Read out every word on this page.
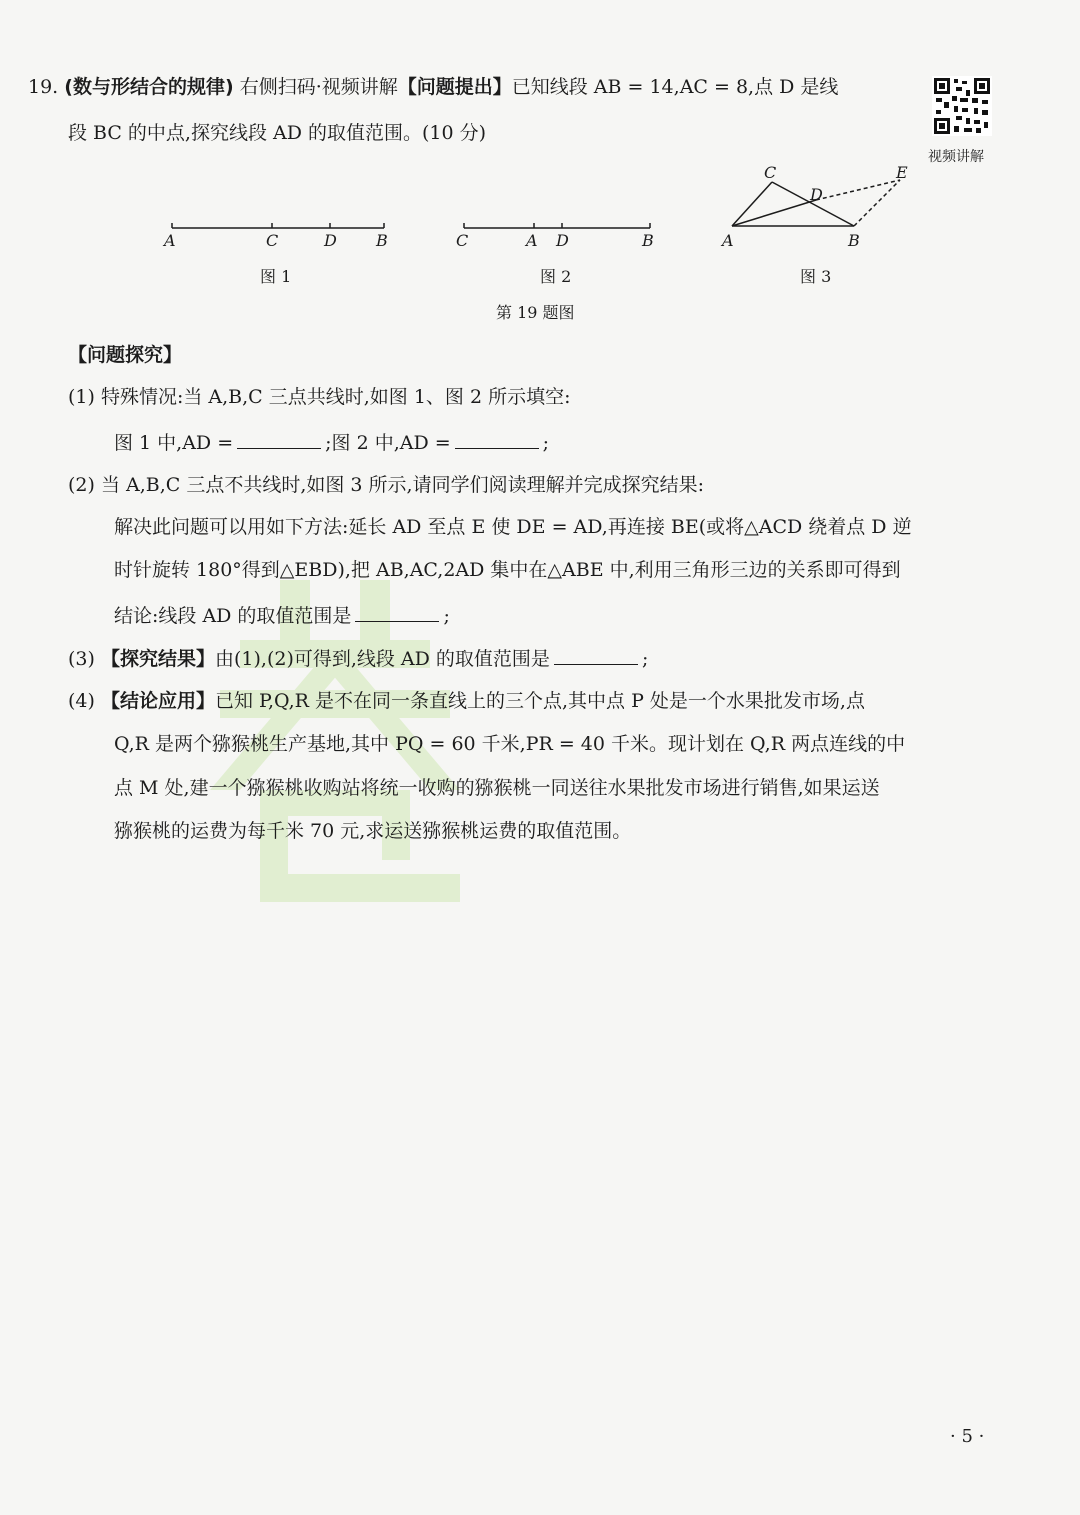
19. (数与形结合的规律) 右侧扫码·视频讲解【问题提出】已知线段 AB = 14,AC = 8,点 D 是线
段 BC 的中点,探究线段 AD 的取值范围。(10 分)
视频讲解
A	C	D B
图 1
C	A D	B
图 2
C
D
E
A	B
图 3
第 19 题图
【问题探究】
(1) 特殊情况:当 A,B,C 三点共线时,如图 1、图 2 所示填空:
图 1 中,AD =	;图 2 中,AD =	;
(2) 当 A,B,C 三点不共线时,如图 3 所示,请同学们阅读理解并完成探究结果:
解决此问题可以用如下方法:延长 AD 至点 E 使 DE = AD,再连接 BE(或将△ACD 绕着点 D 逆
时针旋转 180°得到△EBD),把 AB,AC,2AD 集中在△ABE 中,利用三角形三边的关系即可得到
结论:线段 AD 的取值范围是	;
(3) 【探究结果】由(1),(2)可得到,线段 AD 的取值范围是	;
(4) 【结论应用】已知 P,Q,R 是不在同一条直线上的三个点,其中点 P 处是一个水果批发市场,点
Q,R 是两个猕猴桃生产基地,其中 PQ = 60 千米,PR = 40 千米。现计划在 Q,R 两点连线的中
点 M 处,建一个猕猴桃收购站将统一收购的猕猴桃一同送往水果批发市场进行销售,如果运送
猕猴桃的运费为每千米 70 元,求运送猕猴桃运费的取值范围。
· 5 ·
